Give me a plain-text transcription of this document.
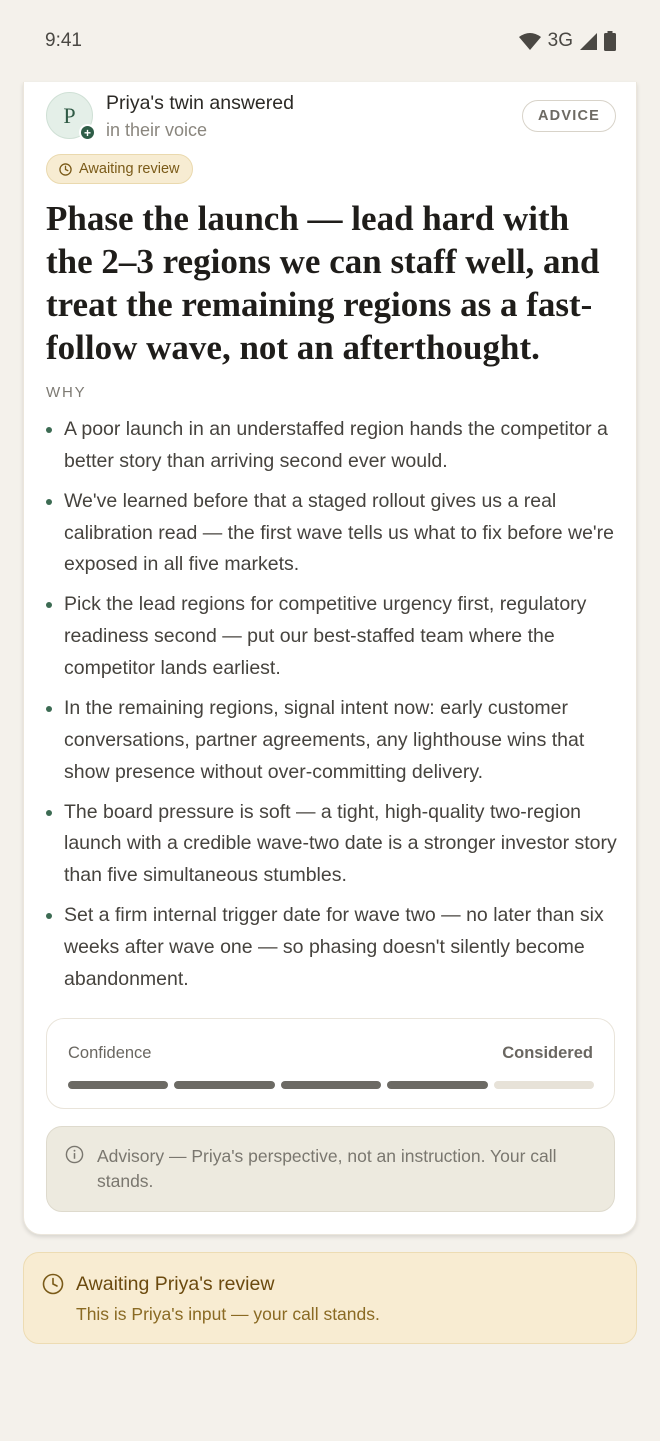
9:41	3G
P
+
Priya's twin answered
in their voice
ADVICE
Awaiting review
Phase the launch — lead hard with the 2–3 regions we can staff well, and treat the remaining regions as a fast-follow wave, not an afterthought.
WHY
A poor launch in an understaffed region hands the competitor a better story than arriving second ever would.
We've learned before that a staged rollout gives us a real calibration read — the first wave tells us what to fix before we're exposed in all five markets.
Pick the lead regions for competitive urgency first, regulatory readiness second — put our best-staffed team where the competitor lands earliest.
In the remaining regions, signal intent now: early customer conversations, partner agreements, any lighthouse wins that show presence without over-committing delivery.
The board pressure is soft — a tight, high-quality two-region launch with a credible wave-two date is a stronger investor story than five simultaneous stumbles.
Set a firm internal trigger date for wave two — no later than six weeks after wave one — so phasing doesn't silently become abandonment.
Confidence	Considered
Advisory — Priya's perspective, not an instruction. Your call stands.
Awaiting Priya's review
This is Priya's input — your call stands.
